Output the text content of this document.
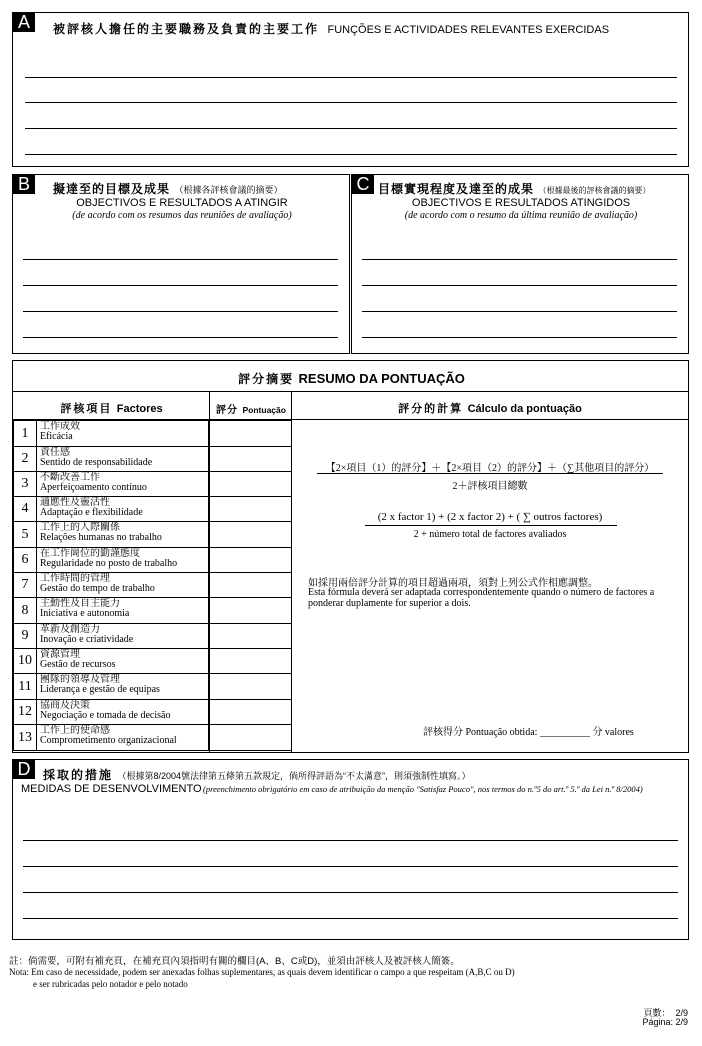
A	被評核人擔任的主要職務及負責的主要工作 FUNÇÕES E ACTIVIDADES RELEVANTES EXERCIDAS
B	擬達至的目標及成果 （根據各評核會議的摘要）
OBJECTIVOS E RESULTADOS A ATINGIR
(de acordo com os resumos das reuniões de avaliação)
C 目標實現程度及達至的成果 （根據最後的評核會議的摘要）
OBJECTIVOS E RESULTADOS ATINGIDOS
(de acordo com o resumo da última reunião de avaliação)
評分摘要 RESUMO DA PONTUAÇÃO
評核項目 Factores	評分 Pontuação	評分的計算 Cálculo da pontuação
1	工作成效
Eficácia	

2	責任感
Sentido de responsabilidade	

3	不斷改善工作
Aperfeiçoamento contínuo	

4	適應性及靈活性
Adaptação e flexibilidade	

5	工作上的人際關係
Relações humanas no trabalho	

6	在工作崗位的勤謹態度
Regularidade no posto de trabalho	

7	工作時間的管理
Gestão do tempo de trabalho	

8	主動性及自主能力
Iniciativa e autonomia	

9	革新及創造力
Inovação e criatividade	

10	資源管理
Gestão de recursos	

11	團隊的領導及管理
Liderança e gestão de equipas	

12	協商及決策
Negociação e tomada de decisão	

13	工作上的使命感
Comprometimento organizacional	

【2×項目（1）的評分】＋【2×項目（2）的評分】＋（∑其他項目的評分）
2＋評核項目總數
(2 x factor 1) + (2 x factor 2) + ( ∑ outros factores)
2 + número total de factores avaliados
如採用兩倍評分計算的項目超過兩項，須對上列公式作相應調整。
Esta fórmula deverá ser adaptada correspondentemente quando o número de factores a ponderar duplamente for superior a dois.
評核得分 Pontuação obtida: __________ 分 valores
D	採取的措施 （根據第8/2004號法律第五條第五款規定，倘所得評語為“不太滿意”，則須強制性填寫。）
MEDIDAS DE DESENVOLVIMENTO (preenchimento obrigatório em caso de atribuição da menção "Satisfaz Pouco", nos termos do n.º5 do art.º 5.º da Lei n.º 8/2004)
註：倘需要，可附有補充頁，在補充頁內須指明有關的欄目(A、B、C或D)，並須由評核人及被評核人簡簽。
Nota: Em caso de necessidade, podem ser anexadas folhas suplementares, as quais devem identificar o campo a que respeitam (A,B,C ou D)
e ser rubricadas pelo notador e pelo notado
頁數：  2/9
Página: 2/9
